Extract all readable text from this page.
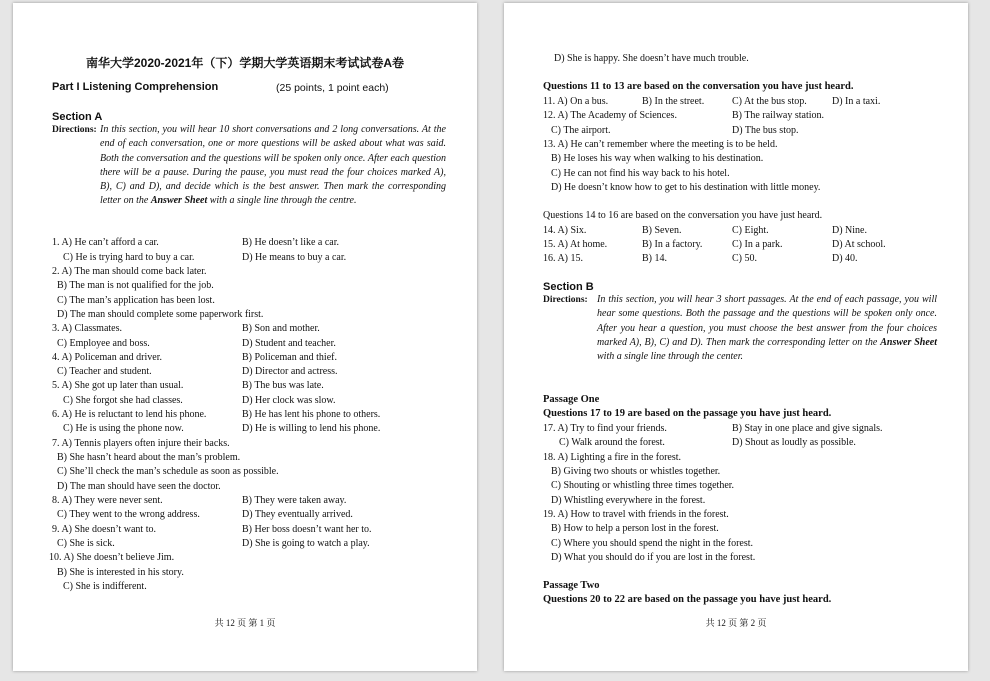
南华大学2020-2021年（下）学期大学英语期末考试试卷A卷
Part I Listening Comprehension	(25 points, 1 point each)
Section A
Directions: In this section, you will hear 10 short conversations and 2 long conversations. At the end of each conversation, one or more questions will be asked about what was said. Both the conversation and the questions will be spoken only once. After each question there will be a pause. During the pause, you must read the four choices marked A), B), C) and D), and decide which is the best answer. Then mark the corresponding letter on the Answer Sheet with a single line through the centre.
1. A) He can’t afford a car.	B) He doesn’t like a car.
C) He is trying hard to buy a car.	D) He means to buy a car.
2. A) The man should come back later.
B) The man is not qualified for the job.
C) The man’s application has been lost.
D) The man should complete some paperwork first.
3. A) Classmates.	B) Son and mother.
C) Employee and boss.	D) Student and teacher.
4. A) Policeman and driver.	B) Policeman and thief.
C) Teacher and student.	D) Director and actress.
5. A) She got up later than usual.	B) The bus was late.
C) She forgot she had classes.	D) Her clock was slow.
6. A) He is reluctant to lend his phone.	B) He has lent his phone to others.
C) He is using the phone now.	D) He is willing to lend his phone.
7. A) Tennis players often injure their backs.
B) She hasn’t heard about the man’s problem.
C) She’ll check the man’s schedule as soon as possible.
D) The man should have seen the doctor.
8. A) They were never sent.	B) They were taken away.
C) They went to the wrong address.	D) They eventually arrived.
9. A) She doesn’t want to.	B) Her boss doesn’t want her to.
C) She is sick.	D) She is going to watch a play.
10. A) She doesn’t believe Jim.
B) She is interested in his story.
C) She is indifferent.
共 12 页 第 1 页
D) She is happy. She doesn’t have much trouble.
Questions 11 to 13 are based on the conversation you have just heard.
11. A) On a bus.	B) In the street.	C) At the bus stop.	D) In a taxi.
12. A) The Academy of Sciences.	B) The railway station.
C) The airport.	D) The bus stop.
13. A) He can’t remember where the meeting is to be held.
B) He loses his way when walking to his destination.
C) He can not find his way back to his hotel.
D) He doesn’t know how to get to his destination with little money.
Questions 14 to 16 are based on the conversation you have just heard.
14. A) Six.	B) Seven.	C) Eight.	D) Nine.
15. A) At home.	B) In a factory.	C) In a park.	D) At school.
16. A) 15.	B) 14.	C) 50.	D) 40.
Section B
Directions: In this section, you will hear 3 short passages. At the end of each passage, you will hear some questions. Both the passage and the questions will be spoken only once. After you hear a question, you must choose the best answer from the four choices marked A), B), C) and D). Then mark the corresponding letter on the Answer Sheet with a single line through the center.
Passage One
Questions 17 to 19 are based on the passage you have just heard.
17. A) Try to find your friends.	B) Stay in one place and give signals.
C) Walk around the forest.	D) Shout as loudly as possible.
18. A) Lighting a fire in the forest.
B) Giving two shouts or whistles together.
C) Shouting or whistling three times together.
D) Whistling everywhere in the forest.
19. A) How to travel with friends in the forest.
B) How to help a person lost in the forest.
C) Where you should spend the night in the forest.
D) What you should do if you are lost in the forest.
Passage Two
Questions 20 to 22 are based on the passage you have just heard.
共 12 页 第 2 页
